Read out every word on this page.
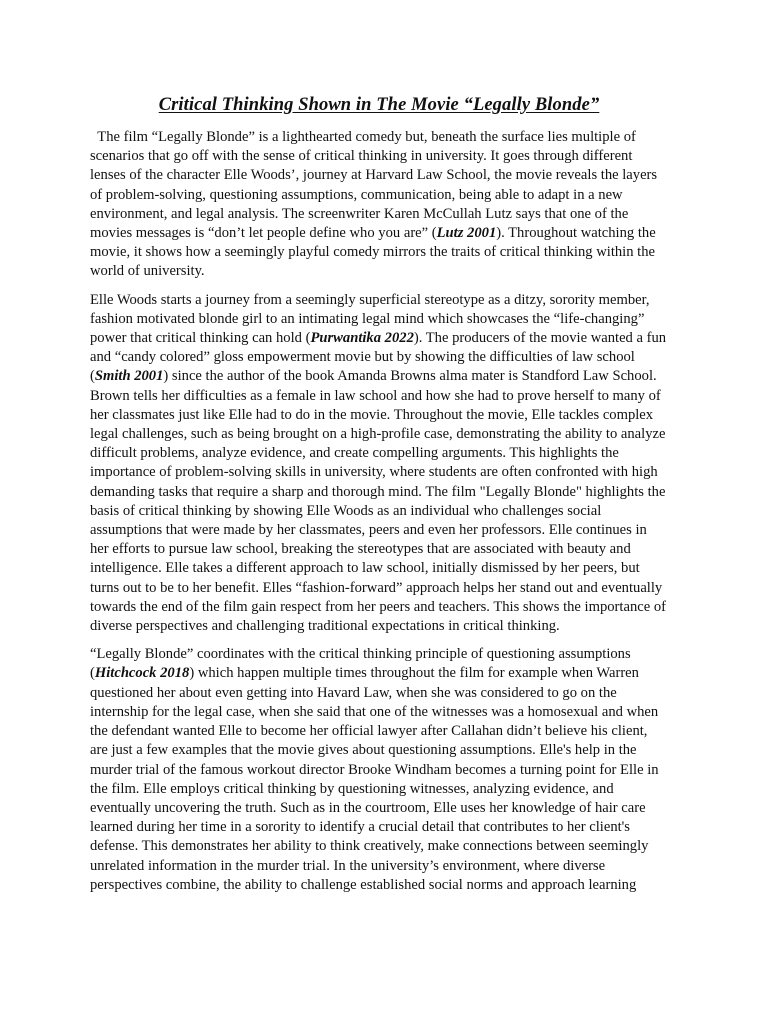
Critical Thinking Shown in The Movie “Legally Blonde”

The film “Legally Blonde” is a lighthearted comedy but, beneath the surface lies multiple of scenarios that go off with the sense of critical thinking in university. It goes through different lenses of the character Elle Woods’, journey at Harvard Law School, the movie reveals the layers of problem-solving, questioning assumptions, communication, being able to adapt in a new environment, and legal analysis. The screenwriter Karen McCullah Lutz says that one of the movies messages is “don’t let people define who you are” (Lutz 2001). Throughout watching the movie, it shows how a seemingly playful comedy mirrors the traits of critical thinking within the world of university.

Elle Woods starts a journey from a seemingly superficial stereotype as a ditzy, sorority member, fashion motivated blonde girl to an intimating legal mind which showcases the “life-changing” power that critical thinking can hold (Purwantika 2022). The producers of the movie wanted a fun and “candy colored” gloss empowerment movie but by showing the difficulties of law school (Smith 2001) since the author of the book Amanda Browns alma mater is Standford Law School. Brown tells her difficulties as a female in law school and how she had to prove herself to many of her classmates just like Elle had to do in the movie. Throughout the movie, Elle tackles complex legal challenges, such as being brought on a high-profile case, demonstrating the ability to analyze difficult problems, analyze evidence, and create compelling arguments. This highlights the importance of problem-solving skills in university, where students are often confronted with high demanding tasks that require a sharp and thorough mind. The film "Legally Blonde" highlights the basis of critical thinking by showing Elle Woods as an individual who challenges social assumptions that were made by her classmates, peers and even her professors. Elle continues in her efforts to pursue law school, breaking the stereotypes that are associated with beauty and intelligence. Elle takes a different approach to law school, initially dismissed by her peers, but turns out to be to her benefit. Elles “fashion-forward” approach helps her stand out and eventually towards the end of the film gain respect from her peers and teachers. This shows the importance of diverse perspectives and challenging traditional expectations in critical thinking.

“Legally Blonde” coordinates with the critical thinking principle of questioning assumptions (Hitchcock 2018) which happen multiple times throughout the film for example when Warren questioned her about even getting into Havard Law, when she was considered to go on the internship for the legal case, when she said that one of the witnesses was a homosexual and when the defendant wanted Elle to become her official lawyer after Callahan didn’t believe his client, are just a few examples that the movie gives about questioning assumptions. Elle's help in the murder trial of the famous workout director Brooke Windham becomes a turning point for Elle in the film. Elle employs critical thinking by questioning witnesses, analyzing evidence, and eventually uncovering the truth. Such as in the courtroom, Elle uses her knowledge of hair care learned during her time in a sorority to identify a crucial detail that contributes to her client's defense. This demonstrates her ability to think creatively, make connections between seemingly unrelated information in the murder trial. In the university’s environment, where diverse perspectives combine, the ability to challenge established social norms and approach learning
